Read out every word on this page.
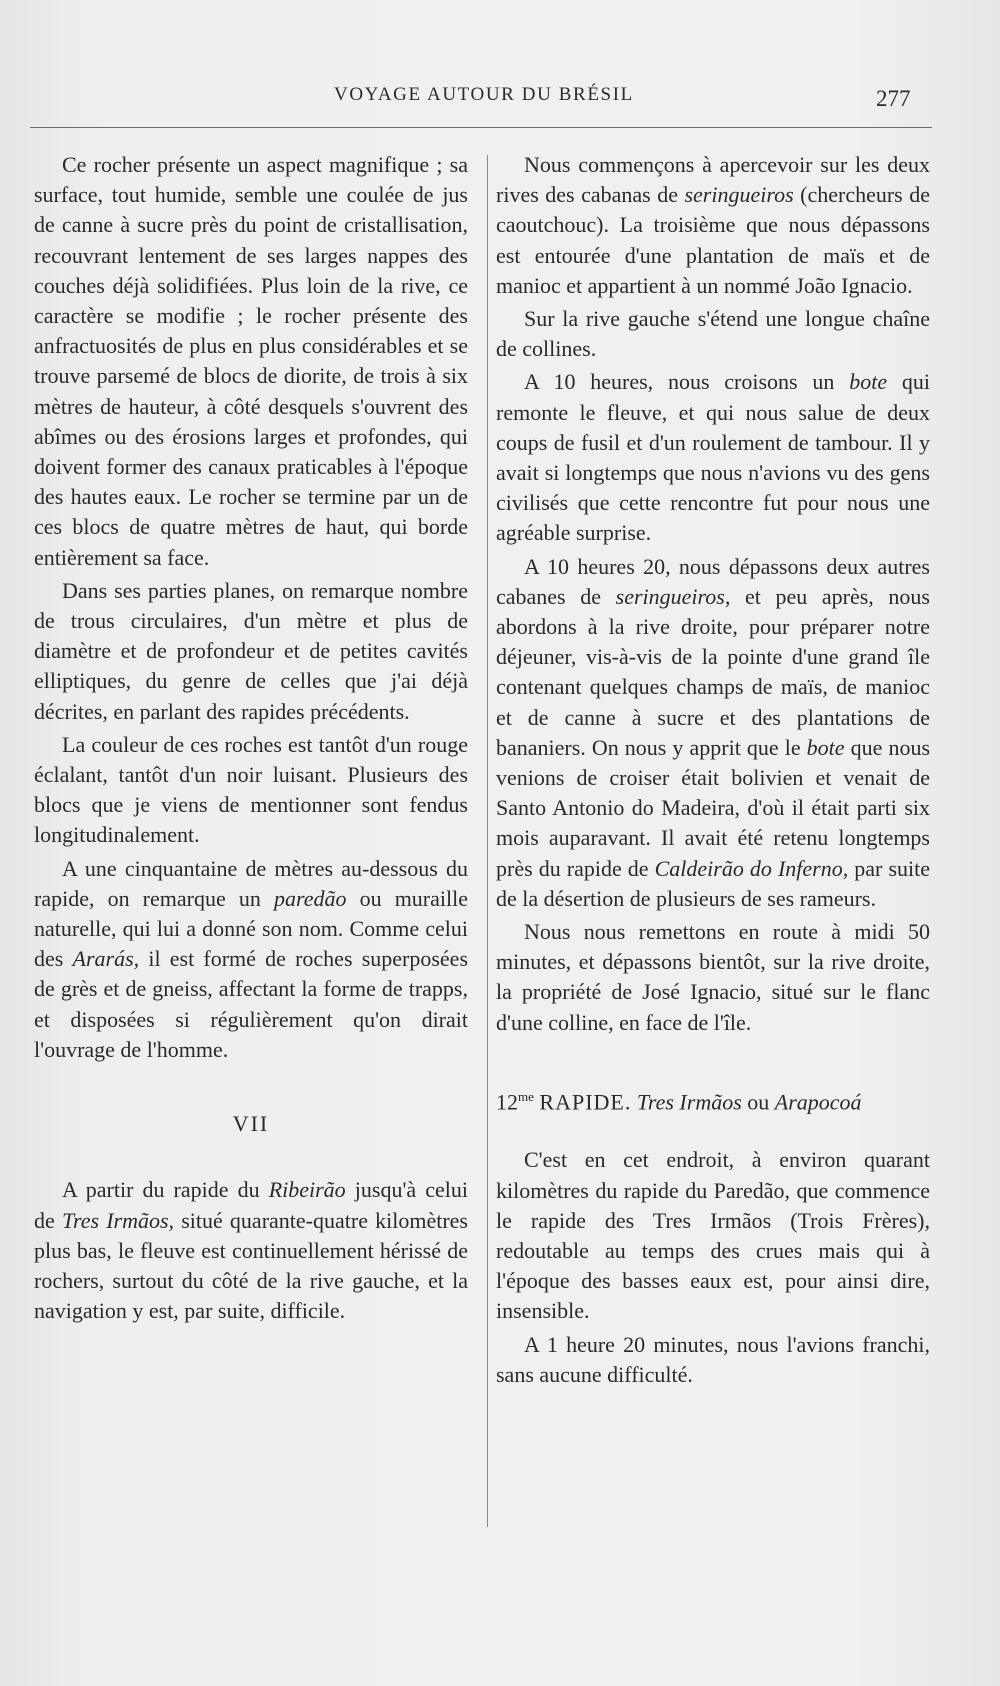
VOYAGE AUTOUR DU BRÉSIL	277

Ce rocher présente un aspect magnifique ; sa surface, tout humide, semble une coulée de jus de canne à sucre près du point de cristallisation, recouvrant lentement de ses larges nappes des couches déjà solidifiées. Plus loin de la rive, ce caractère se modifie ; le rocher présente des anfractuosités de plus en plus considérables et se trouve parsemé de blocs de diorite, de trois à six mètres de hauteur, à côté desquels s'ouvrent des abîmes ou des érosions larges et profondes, qui doivent former des canaux praticables à l'époque des hautes eaux. Le rocher se termine par un de ces blocs de quatre mètres de haut, qui borde entièrement sa face.

Dans ses parties planes, on remarque nombre de trous circulaires, d'un mètre et plus de diamètre et de profondeur et de petites cavités elliptiques, du genre de celles que j'ai déjà décrites, en parlant des rapides précédents.

La couleur de ces roches est tantôt d'un rouge éclalant, tantôt d'un noir luisant. Plusieurs des blocs que je viens de mentionner sont fendus longitudinalement.

A une cinquantaine de mètres au-dessous du rapide, on remarque un paredão ou muraille naturelle, qui lui a donné son nom. Comme celui des Ararás, il est formé de roches superposées de grès et de gneiss, affectant la forme de trapps, et disposées si régulièrement qu'on dirait l'ouvrage de l'homme.

VII

A partir du rapide du Ribeirão jusqu'à celui de Tres Irmãos, situé quarante-quatre kilomètres plus bas, le fleuve est continuellement hérissé de rochers, surtout du côté de la rive gauche, et la navigation y est, par suite, difficile.

Nous commençons à apercevoir sur les deux rives des cabanas de seringueiros (chercheurs de caoutchouc). La troisième que nous dépassons est entourée d'une plantation de maïs et de manioc et appartient à un nommé João Ignacio.

Sur la rive gauche s'étend une longue chaîne de collines.

A 10 heures, nous croisons un bote qui remonte le fleuve, et qui nous salue de deux coups de fusil et d'un roulement de tambour. Il y avait si longtemps que nous n'avions vu des gens civilisés que cette rencontre fut pour nous une agréable surprise.

A 10 heures 20, nous dépassons deux autres cabanes de seringueiros, et peu après, nous abordons à la rive droite, pour préparer notre déjeuner, vis-à-vis de la pointe d'une grand île contenant quelques champs de maïs, de manioc et de canne à sucre et des plantations de bananiers. On nous y apprit que le bote que nous venions de croiser était bolivien et venait de Santo Antonio do Madeira, d'où il était parti six mois auparavant. Il avait été retenu longtemps près du rapide de Caldeirão do Inferno, par suite de la désertion de plusieurs de ses rameurs.

Nous nous remettons en route à midi 50 minutes, et dépassons bientôt, sur la rive droite, la propriété de José Ignacio, situé sur le flanc d'une colline, en face de l'île.

$12^{me}$ RAPIDE. Tres Irmãos ou Arapocoá

C'est en cet endroit, à environ quarant kilomètres du rapide du Paredão, que commence le rapide des Tres Irmãos (Trois Frères), redoutable au temps des crues mais qui à l'époque des basses eaux est, pour ainsi dire, insensible.

A 1 heure 20 minutes, nous l'avions franchi, sans aucune difficulté.
